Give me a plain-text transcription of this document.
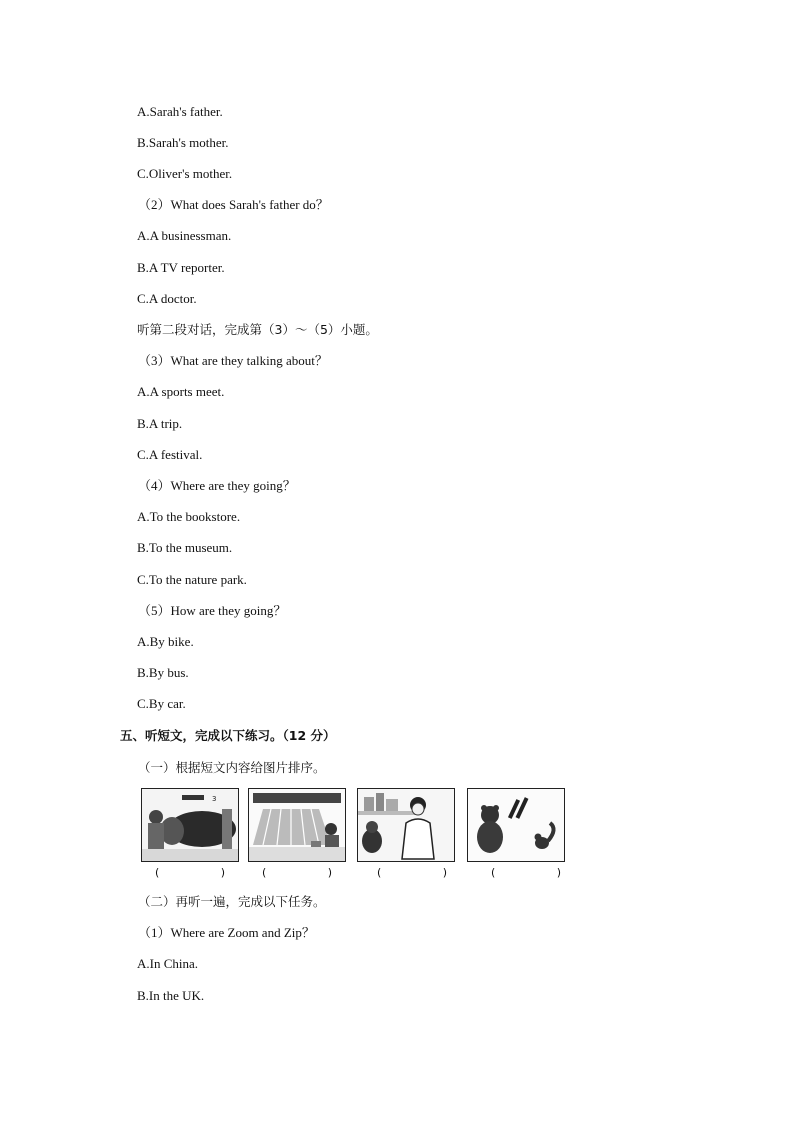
A.Sarah's father.
B.Sarah's mother.
C.Oliver's mother.
（2）What does Sarah's father do？
A.A businessman.
B.A TV reporter.
C.A doctor.
听第二段对话，完成第（3）～（5）小题。
（3）What are they talking about？
A.A sports meet.
B.A trip.
C.A festival.
（4）Where are they going？
A.To the bookstore.
B.To the museum.
C.To the nature park.
（5）How are they going？
A.By bike.
B.By bus.
C.By car.
五、听短文，完成以下练习。（12 分）
（一）根据短文内容给图片排序。
3
(	)	(	)	(	)	(	)
（二）再听一遍，完成以下任务。
（1）Where are Zoom and Zip？
A.In China.
B.In the UK.
